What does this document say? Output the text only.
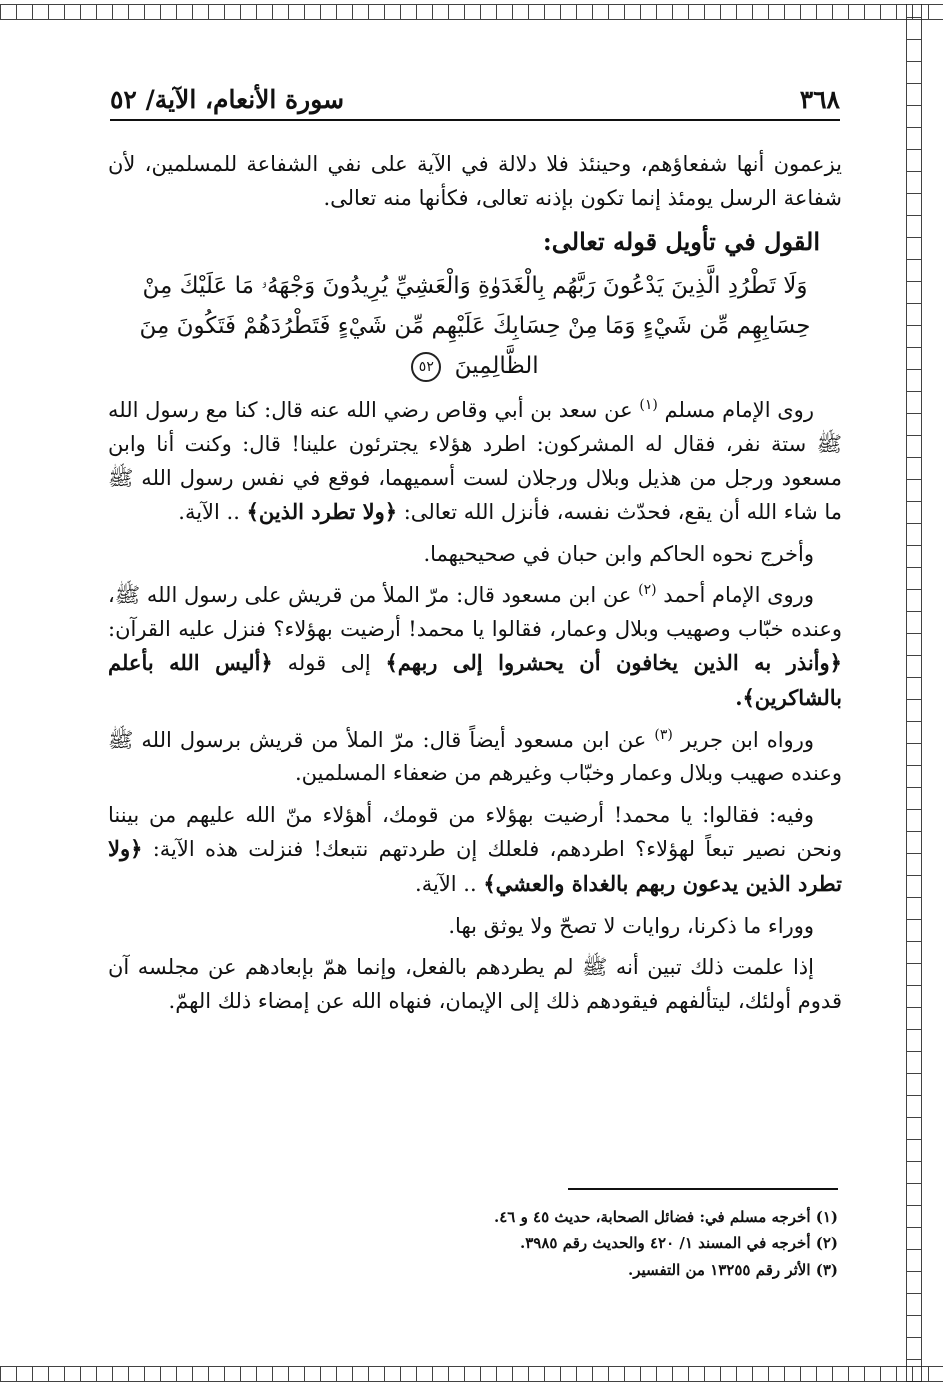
٣٦٨
سورة الأنعام، الآية/ ٥٢

يزعمون أنها شفعاؤهم، وحينئذ فلا دلالة في الآية على نفي الشفاعة للمسلمين، لأن شفاعة الرسل يومئذ إنما تكون بإذنه تعالى، فكأنها منه تعالى.

القول في تأويل قوله تعالى:
وَلَا تَطْرُدِ الَّذِينَ يَدْعُونَ رَبَّهُم بِالْغَدَوٰةِ وَالْعَشِيِّ يُرِيدُونَ وَجْهَهُۥ مَا عَلَيْكَ مِنْ حِسَابِهِم مِّن شَيْءٍ وَمَا مِنْ حِسَابِكَ عَلَيْهِم مِّن شَيْءٍ فَتَطْرُدَهُمْ فَتَكُونَ مِنَ الظَّالِمِينَ ٥٢

روى الإمام مسلم $^{(١)}$ عن سعد بن أبي وقاص رضي الله عنه قال: كنا مع رسول الله ﷺ ستة نفر، فقال له المشركون: اطرد هؤلاء يجترئون علينا! قال: وكنت أنا وابن مسعود ورجل من هذيل وبلال ورجلان لست أسميهما، فوقع في نفس رسول الله ﷺ ما شاء الله أن يقع، فحدّث نفسه، فأنزل الله تعالى: ﴿ولا تطرد الذين﴾ .. الآية.

وأخرج نحوه الحاكم وابن حبان في صحيحيهما.

وروى الإمام أحمد $^{(٢)}$ عن ابن مسعود قال: مرّ الملأ من قريش على رسول الله ﷺ، وعنده خبّاب وصهيب وبلال وعمار، فقالوا يا محمد! أرضيت بهؤلاء؟ فنزل عليه القرآن: ﴿وأنذر به الذين يخافون أن يحشروا إلى ربهم﴾ إلى قوله ﴿أليس الله بأعلم بالشاكرين﴾.

ورواه ابن جرير $^{(٣)}$ عن ابن مسعود أيضاً قال: مرّ الملأ من قريش برسول الله ﷺ وعنده صهيب وبلال وعمار وخبّاب وغيرهم من ضعفاء المسلمين.

وفيه: فقالوا: يا محمد! أرضيت بهؤلاء من قومك، أهؤلاء منّ الله عليهم من بيننا ونحن نصير تبعاً لهؤلاء؟ اطردهم، فلعلك إن طردتهم نتبعك! فنزلت هذه الآية: ﴿ولا تطرد الذين يدعون ربهم بالغداة والعشي﴾ .. الآية.

ووراء ما ذكرنا، روايات لا تصحّ ولا يوثق بها.

إذا علمت ذلك تبين أنه ﷺ لم يطردهم بالفعل، وإنما همّ بإبعادهم عن مجلسه آن قدوم أولئك، ليتألفهم فيقودهم ذلك إلى الإيمان، فنهاه الله عن إمضاء ذلك الهمّ.

(١) أخرجه مسلم في: فضائل الصحابة، حديث ٤٥ و ٤٦.
(٢) أخرجه في المسند ١/ ٤٢٠ والحديث رقم ٣٩٨٥.
(٣) الأثر رقم ١٣٢٥٥ من التفسير.
